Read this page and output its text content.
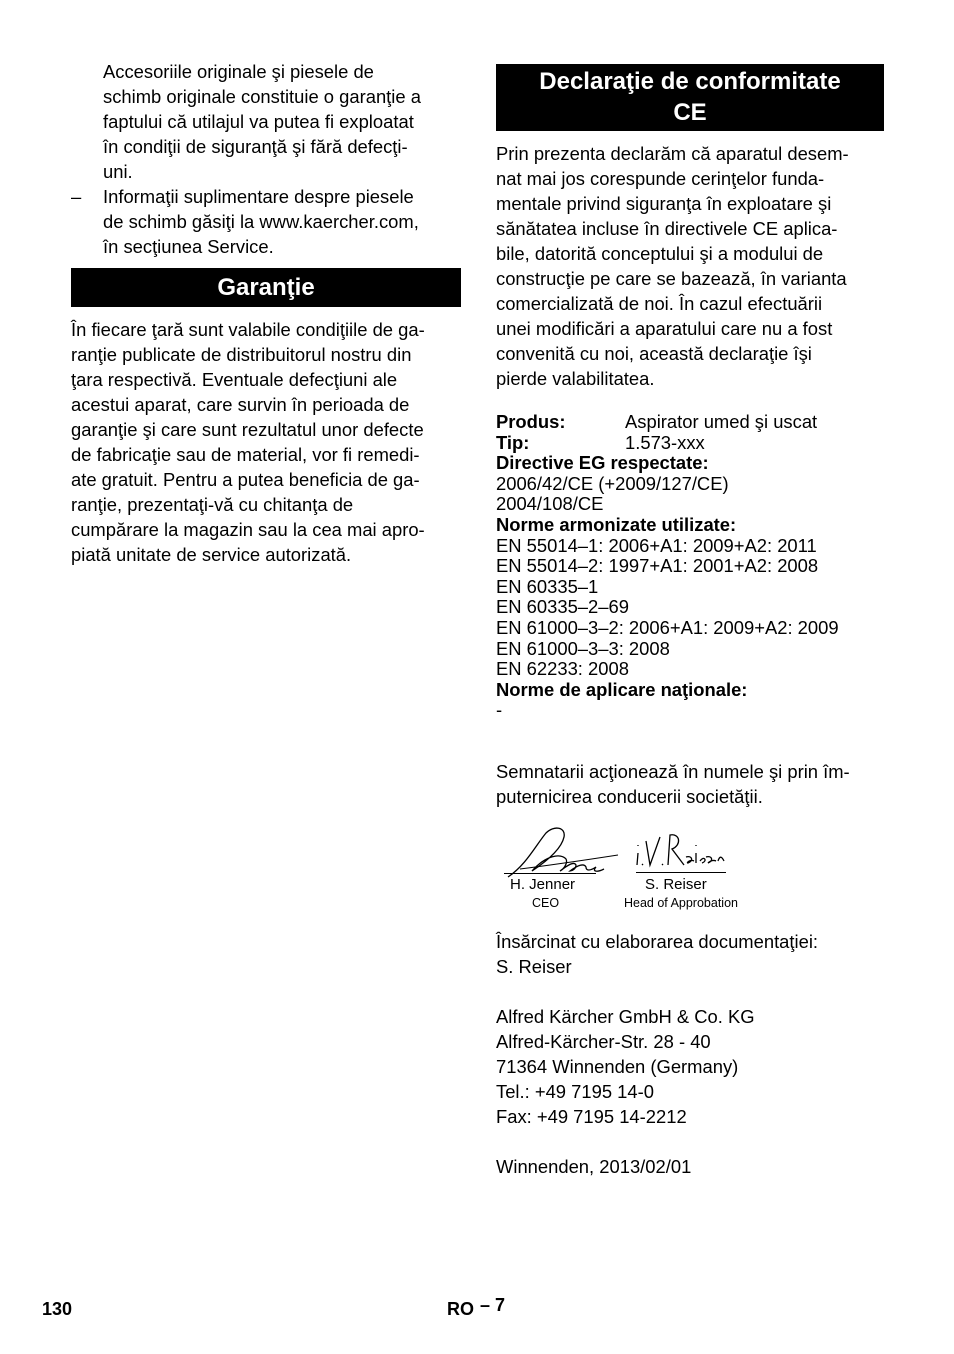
Accesoriile originale şi piesele de
schimb originale constituie o garanţie a
faptului că utilajul va putea fi exploatat
în condiţii de siguranţă şi fără defecţi-
uni.
– Informaţii suplimentare despre piesele
de schimb găsiţi la www.kaercher.com,
în secţiunea Service.
Garanţie
În fiecare ţară sunt valabile condiţiile de ga-
ranţie publicate de distribuitorul nostru din
ţara respectivă. Eventuale defecţiuni ale
acestui aparat, care survin în perioada de
garanţie şi care sunt rezultatul unor defecte
de fabricaţie sau de material, vor fi remedi-
ate gratuit. Pentru a putea beneficia de ga-
ranţie, prezentaţi-vă cu chitanţa de
cumpărare la magazin sau la cea mai apro-
piată unitate de service autorizată.
Declaraţie de conformitate
CE
Prin prezenta declarăm că aparatul desem-
nat mai jos corespunde cerinţelor funda-
mentale privind siguranţa în exploatare şi
sănătatea incluse în directivele CE aplica-
bile, datorită conceptului şi a modului de
construcţie pe care se bazează, în varianta
comercializată de noi. În cazul efectuării
unei modificări a aparatului care nu a fost
convenită cu noi, această declaraţie îşi
pierde valabilitatea.
Produs:	Aspirator umed şi uscat
Tip:	1.573-xxx
Directive EG respectate:
2006/42/CE (+2009/127/CE)
2004/108/CE
Norme armonizate utilizate:
EN 55014–1: 2006+A1: 2009+A2: 2011
EN 55014–2: 1997+A1: 2001+A2: 2008
EN 60335–1
EN 60335–2–69
EN 61000–3–2: 2006+A1: 2009+A2: 2009
EN 61000–3–3: 2008
EN 62233: 2008
Norme de aplicare naţionale:
-
Semnatarii acţionează în numele şi prin îm-
puternicirea conducerii societăţii.
H. Jenner
CEO
S. Reiser
Head of Approbation
Însărcinat cu elaborarea documentaţiei:
S. Reiser
Alfred Kärcher GmbH & Co. KG
Alfred-Kärcher-Str. 28 - 40
71364 Winnenden (Germany)
Tel.: +49 7195 14-0
Fax: +49 7195 14-2212
Winnenden, 2013/02/01
130	RO – 7
